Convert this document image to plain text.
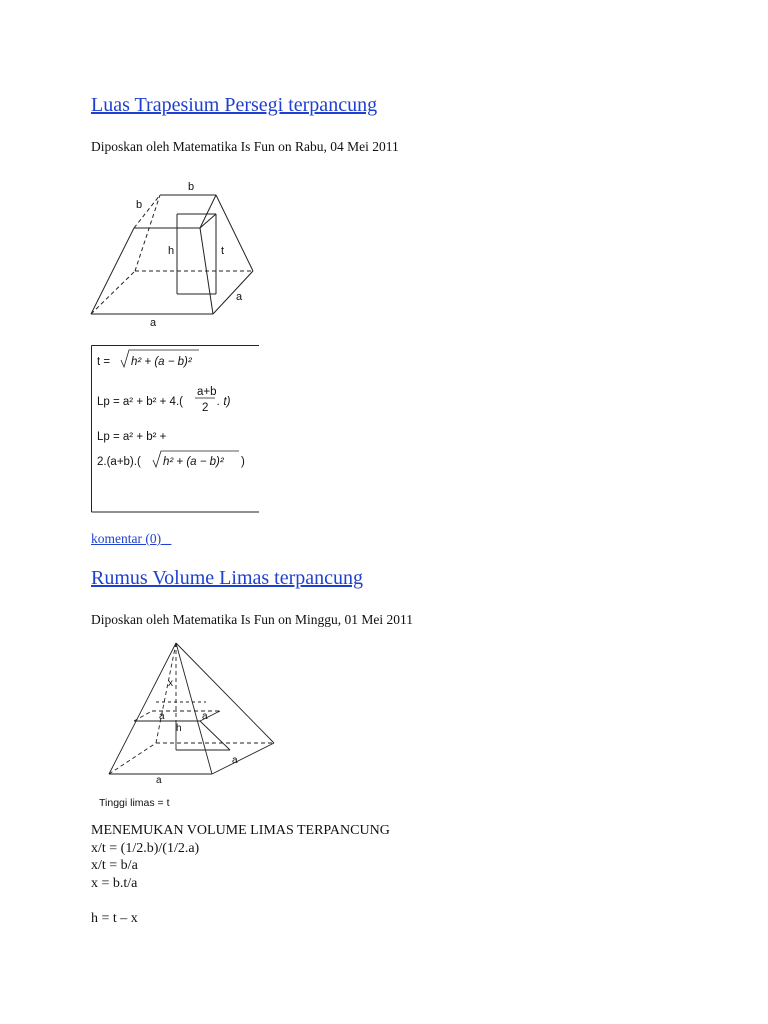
Luas Trapesium Persegi terpancung
Diposkan oleh Matematika Is Fun on Rabu, 04 Mei 2011
b
b
h	t
a
a
t = h² + (a − b)²
Lp = a² + b² + 4.(
a+b
2 . t)
Lp = a² + b² +
2.(a+b).( h² + (a − b)² )
komentar (0) _
Rumus Volume Limas terpancung
Diposkan oleh Matematika Is Fun on Minggu, 01 Mei 2011
x
a	a
h
a
a
Tinggi limas = t
MENEMUKAN VOLUME LIMAS TERPANCUNG
x/t = (1/2.b)/(1/2.a)
x/t = b/a
x = b.t/a
h = t – x
